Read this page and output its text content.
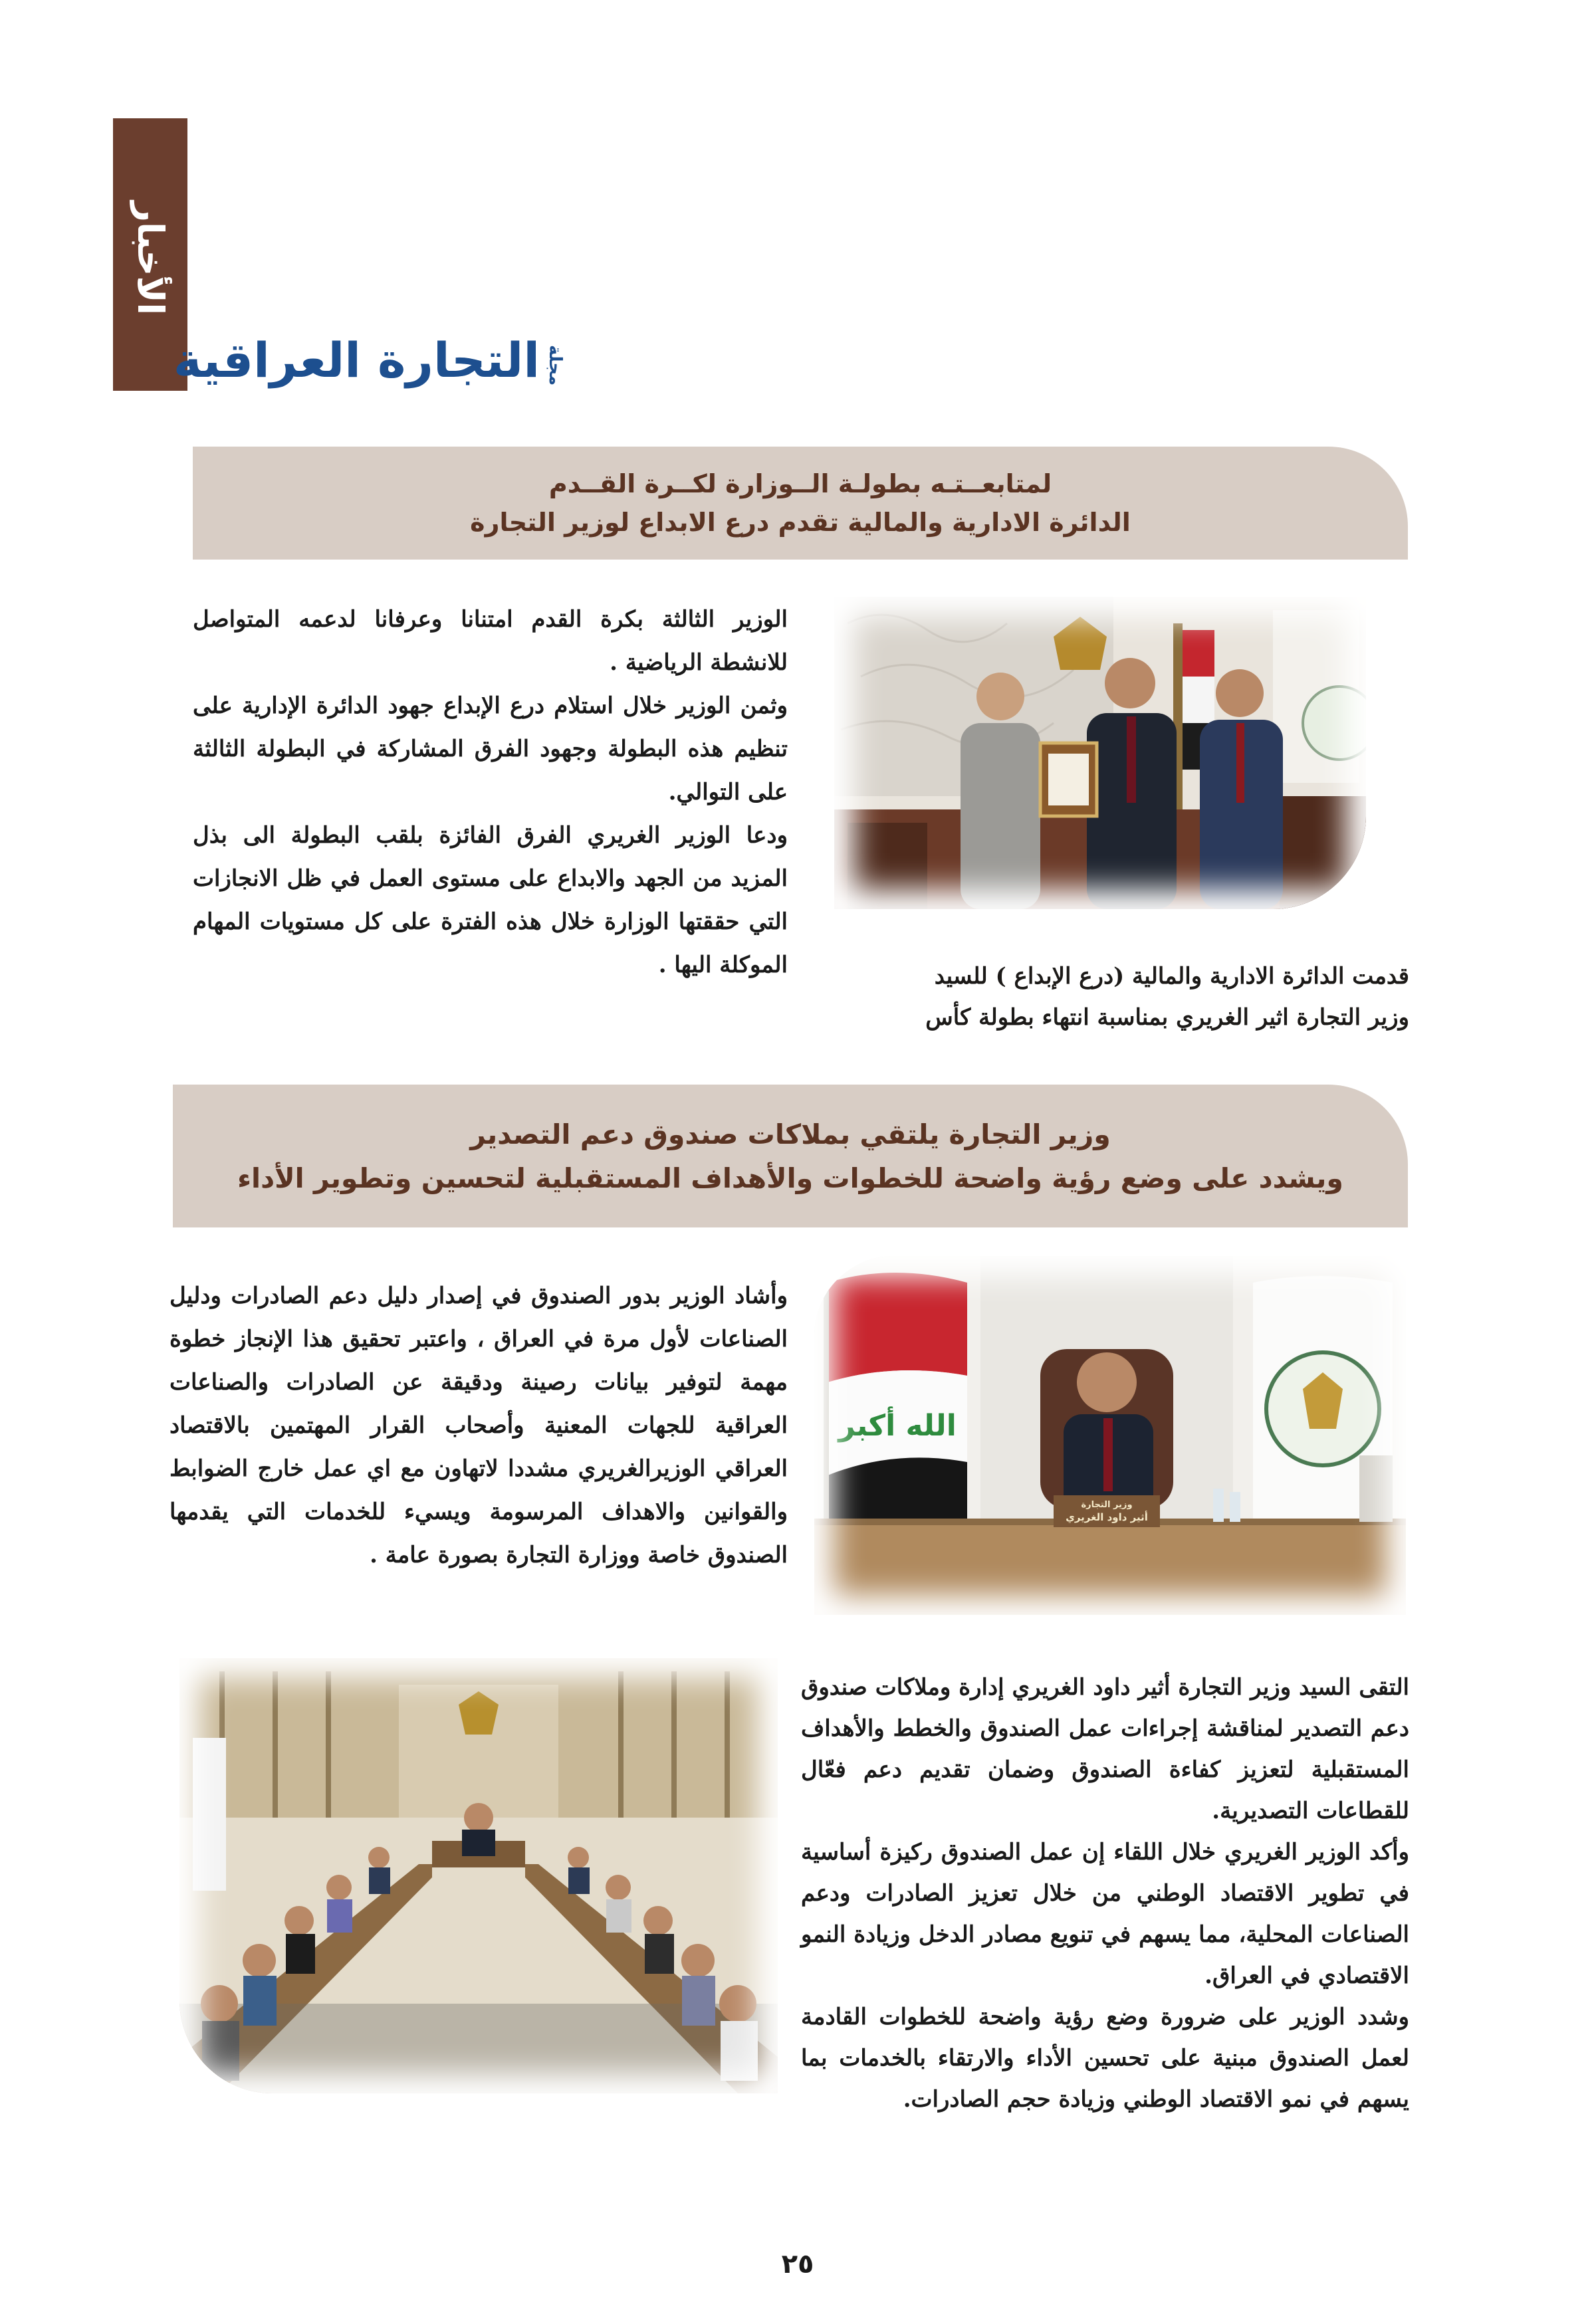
الأخبار
مجلة
التجارة العراقية
لمتابعــتـه بطولـة الــوزارة لكــرة القــدم
الدائرة الادارية والمالية تقدم درع الابداع لوزير التجارة

الوزير الثالثة بكرة القدم امتنانا وعرفانا لدعمه المتواصل للانشطة الرياضية .

وثمن الوزير خلال استلام درع الإبداع جهود الدائرة الإدارية على تنظيم هذه البطولة وجهود الفرق المشاركة في البطولة الثالثة على التوالي.

ودعا الوزير الغريري الفرق الفائزة بلقب البطولة الى بذل المزيد من الجهد والابداع على مستوى العمل في ظل الانجازات التي حققتها الوزارة خلال هذه الفترة على كل مستويات المهام الموكلة اليها .	قدمت الدائرة الادارية والمالية (درع الإبداع ) للسيد
وزير التجارة اثير الغريري بمناسبة انتهاء بطولة كأس
وزير التجارة يلتقي بملاكات صندوق دعم التصدير
ويشدد على وضع رؤية واضحة للخطوات والأهداف المستقبلية لتحسين وتطوير الأداء
الله أكبر
وزير التجارة
أثير داود الغريري

وأشاد الوزير بدور الصندوق في إصدار دليل دعم الصادرات ودليل الصناعات لأول مرة في العراق ، واعتبر تحقيق هذا الإنجاز خطوة مهمة لتوفير بيانات رصينة ودقيقة عن الصادرات والصناعات العراقية للجهات المعنية وأصحاب القرار المهتمين بالاقتصاد العراقي الوزيرالغريري مشددا لاتهاون مع اي عمل خارج الضوابط والقوانين والاهداف المرسومة ويسيء للخدمات التي يقدمها الصندوق خاصة ووزارة التجارة بصورة عامة .

التقى السيد وزير التجارة أثير داود الغريري إدارة وملاكات صندوق دعم التصدير لمناقشة إجراءات عمل الصندوق والخطط والأهداف المستقبلية لتعزيز كفاءة الصندوق وضمان تقديم دعم فعّال للقطاعات التصديرية.

وأكد الوزير الغريري خلال اللقاء إن عمل الصندوق ركيزة أساسية في تطوير الاقتصاد الوطني من خلال تعزيز الصادرات ودعم الصناعات المحلية، مما يسهم في تنويع مصادر الدخل وزيادة النمو الاقتصادي في العراق.

وشدد الوزير على ضرورة وضع رؤية واضحة للخطوات القادمة لعمل الصندوق مبنية على تحسين الأداء والارتقاء بالخدمات بما يسهم في نمو الاقتصاد الوطني وزيادة حجم الصادرات.

٢٥
